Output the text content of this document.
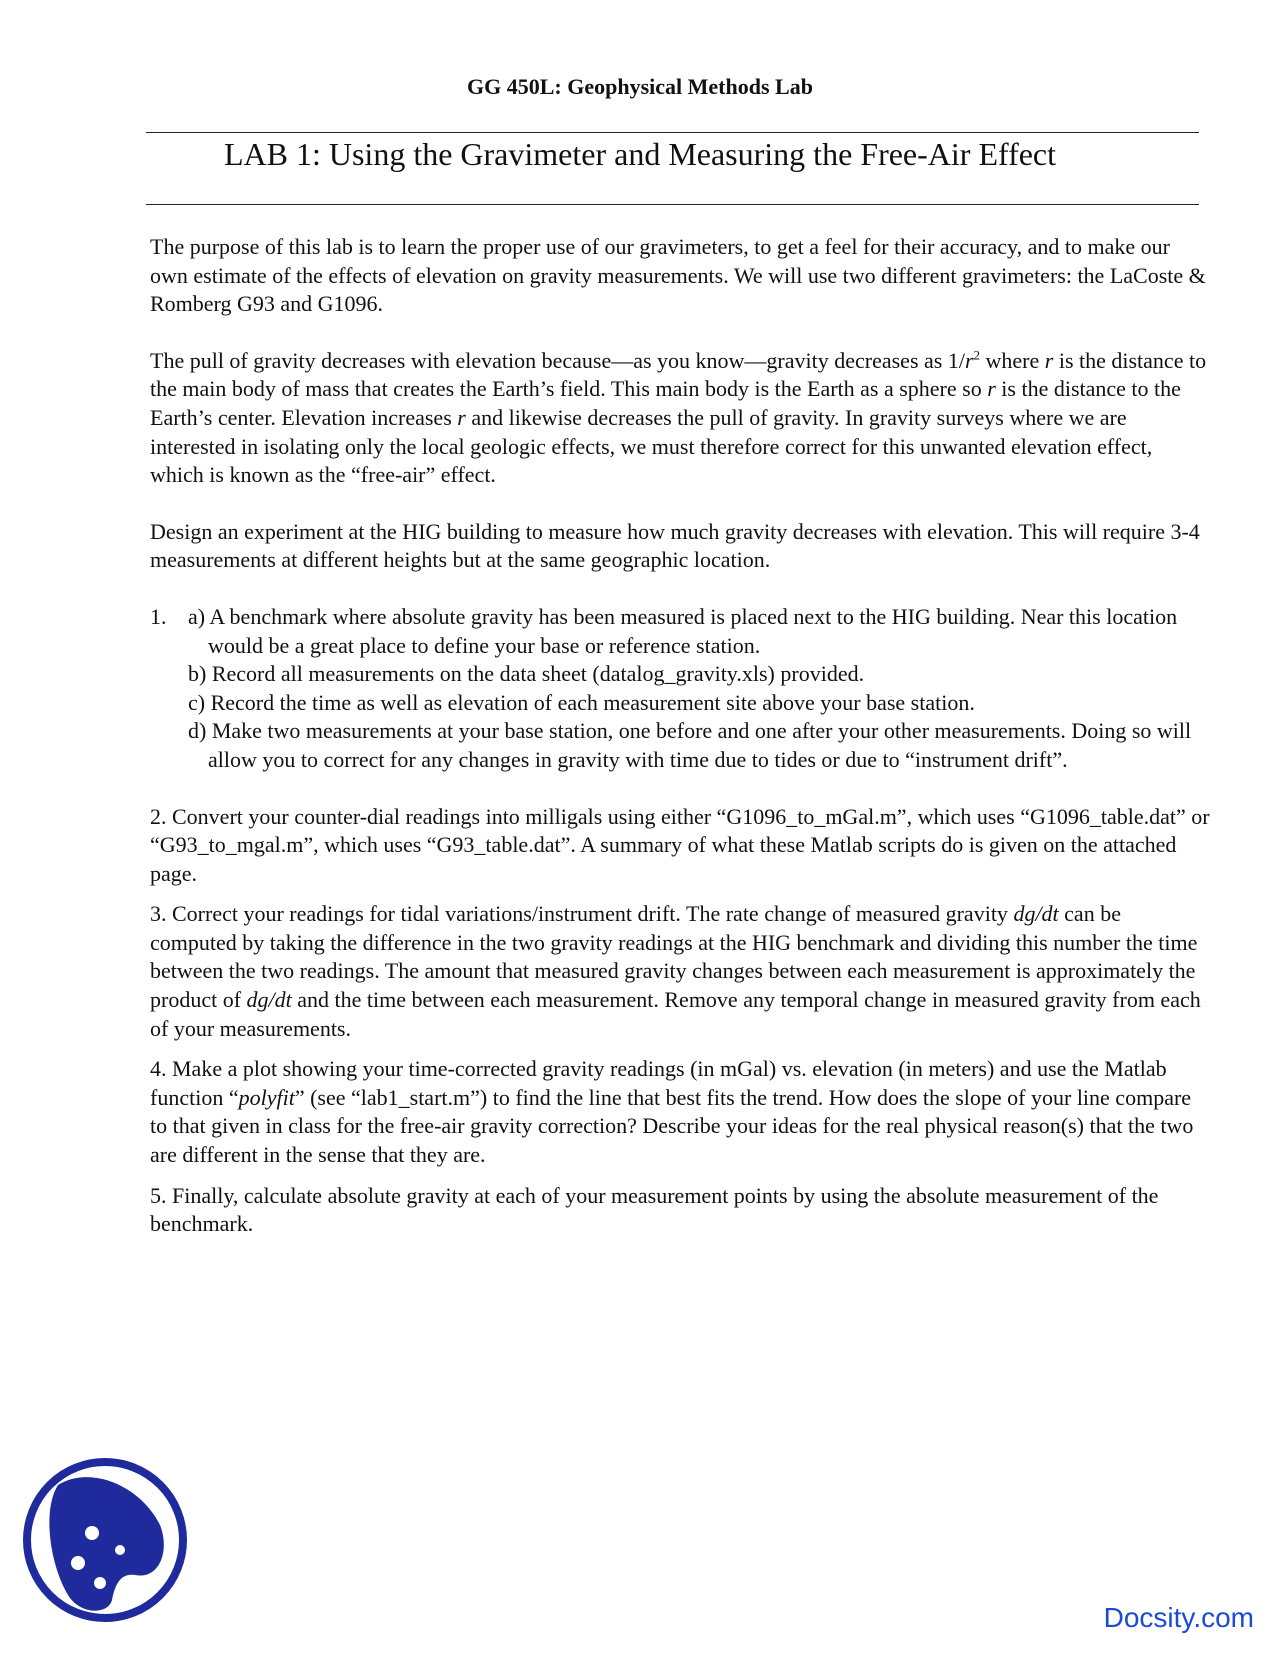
GG 450L: Geophysical Methods Lab
LAB 1: Using the Gravimeter and Measuring the Free-Air Effect

The purpose of this lab is to learn the proper use of our gravimeters, to get a feel for their accuracy, and to make our own estimate of the effects of elevation on gravity measurements. We will use two different gravimeters: the LaCoste & Romberg G93 and G1096.

The pull of gravity decreases with elevation because—as you know—gravity decreases as $1/r^2$ where r is the distance to the main body of mass that creates the Earth’s field. This main body is the Earth as a sphere so r is the distance to the Earth’s center. Elevation increases r and likewise decreases the pull of gravity. In gravity surveys where we are interested in isolating only the local geologic effects, we must therefore correct for this unwanted elevation effect, which is known as the “free-air” effect.

Design an experiment at the HIG building to measure how much gravity decreases with elevation. This will require 3-4 measurements at different heights but at the same geographic location.

1. a) A benchmark where absolute gravity has been measured is placed next to the HIG building. Near this location would be a great place to define your base or reference station.
b) Record all measurements on the data sheet (datalog_gravity.xls) provided.
c) Record the time as well as elevation of each measurement site above your base station.
d) Make two measurements at your base station, one before and one after your other measurements. Doing so will allow you to correct for any changes in gravity with time due to tides or due to “instrument drift”.

2. Convert your counter-dial readings into milligals using either “G1096_to_mGal.m”, which uses “G1096_table.dat” or “G93_to_mgal.m”, which uses “G93_table.dat”. A summary of what these Matlab scripts do is given on the attached page.

3. Correct your readings for tidal variations/instrument drift. The rate change of measured gravity dg/dt can be computed by taking the difference in the two gravity readings at the HIG benchmark and dividing this number the time between the two readings. The amount that measured gravity changes between each measurement is approximately the product of dg/dt and the time between each measurement. Remove any temporal change in measured gravity from each of your measurements.

4. Make a plot showing your time-corrected gravity readings (in mGal) vs. elevation (in meters) and use the Matlab function “polyfit” (see “lab1_start.m”) to find the line that best fits the trend. How does the slope of your line compare to that given in class for the free-air gravity correction? Describe your ideas for the real physical reason(s) that the two are different in the sense that they are.

5. Finally, calculate absolute gravity at each of your measurement points by using the absolute measurement of the benchmark.

Docsity.com
